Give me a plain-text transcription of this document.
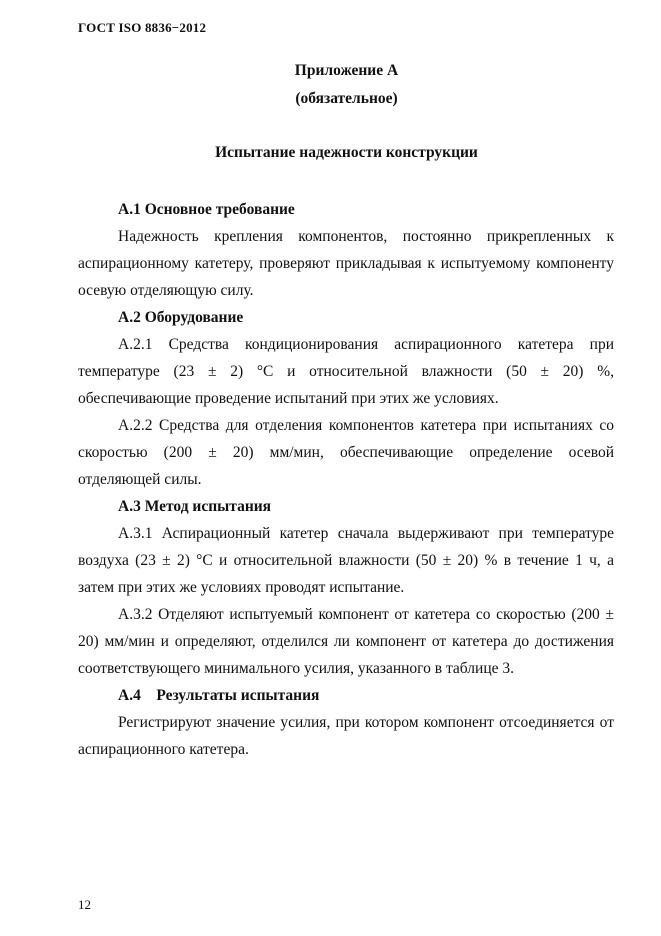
ГОСТ ISO 8836−2012
Приложение А
(обязательное)
Испытание надежности конструкции

А.1 Основное требование

Надежность крепления компонентов, постоянно прикрепленных к аспирационному катетеру, проверяют прикладывая к испытуемому компоненту осевую отделяющую силу.

А.2 Оборудование

А.2.1 Средства кондиционирования аспирационного катетера при температуре (23 ± 2) °С и относительной влажности (50 ± 20) %, обеспечивающие проведение испытаний при этих же условиях.

А.2.2 Средства для отделения компонентов катетера при испытаниях со скоростью (200 ± 20) мм/мин, обеспечивающие определение осевой отделяющей силы.

А.3 Метод испытания

А.3.1 Аспирационный катетер сначала выдерживают при температуре воздуха (23 ± 2) °С и относительной влажности (50 ± 20) % в течение 1 ч, а затем при этих же условиях проводят испытание.

А.3.2 Отделяют испытуемый компонент от катетера со скоростью (200 ± 20) мм/мин и определяют, отделился ли компонент от катетера до достижения соответствующего минимального усилия, указанного в таблице 3.

А.4    Результаты испытания

Регистрируют значение усилия, при котором компонент отсоединяется от аспирационного катетера.

12
